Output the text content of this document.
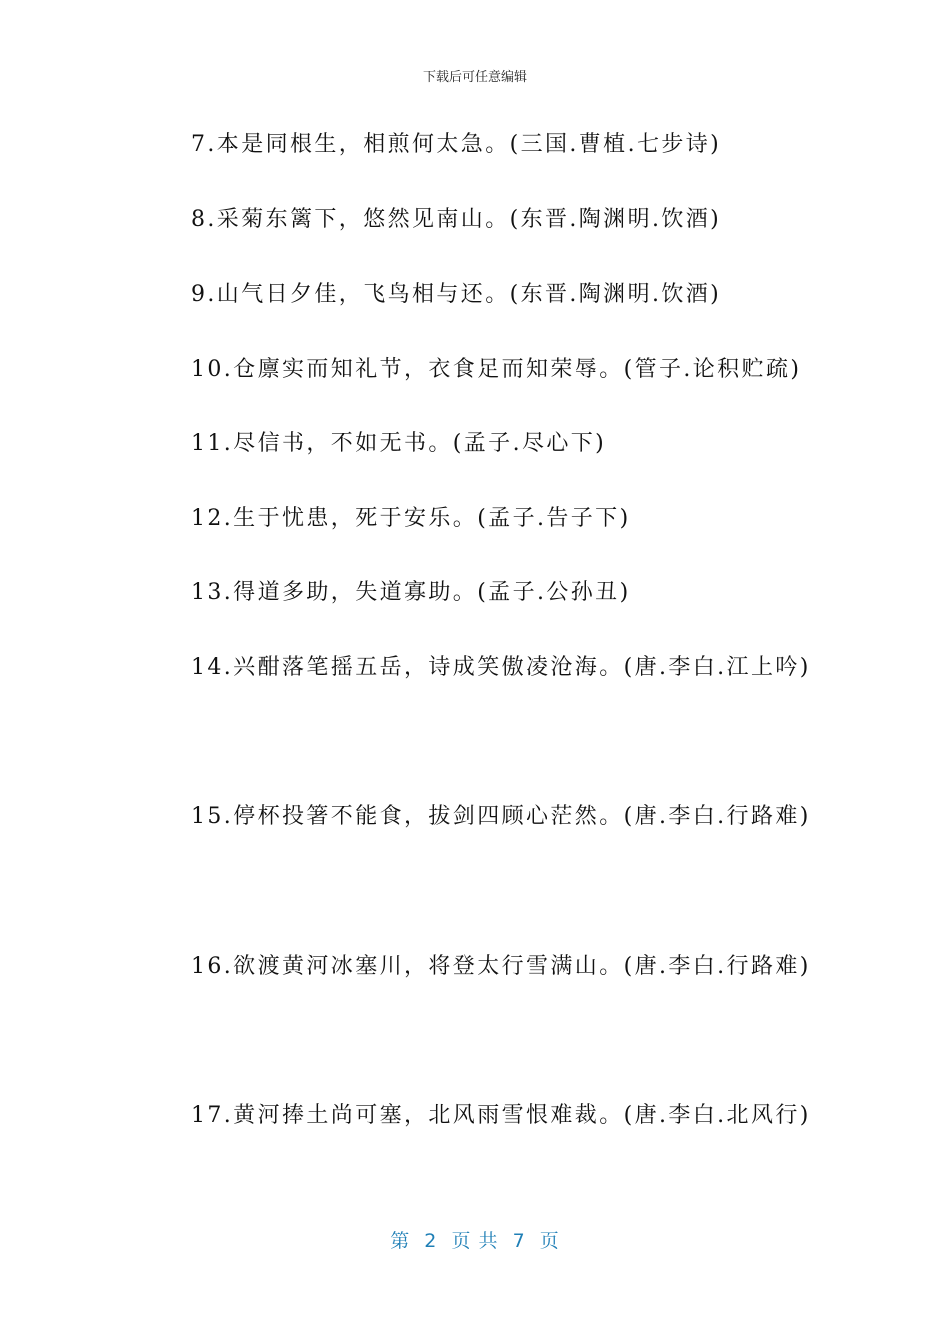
下载后可任意编辑
7.本是同根生，相煎何太急。(三国.曹植.七步诗)
8.采菊东篱下，悠然见南山。(东晋.陶渊明.饮酒)
9.山气日夕佳，飞鸟相与还。(东晋.陶渊明.饮酒)
10.仓廪实而知礼节，衣食足而知荣辱。(管子.论积贮疏)
11.尽信书，不如无书。(孟子.尽心下)
12.生于忧患，死于安乐。(孟子.告子下)
13.得道多助，失道寡助。(孟子.公孙丑)
14.兴酣落笔摇五岳，诗成笑傲凌沧海。(唐.李白.江上吟)
15.停杯投箸不能食，拔剑四顾心茫然。(唐.李白.行路难)
16.欲渡黄河冰塞川，将登太行雪满山。(唐.李白.行路难)
17.黄河捧土尚可塞，北风雨雪恨难裁。(唐.李白.北风行)
第  2  页 共  7  页
